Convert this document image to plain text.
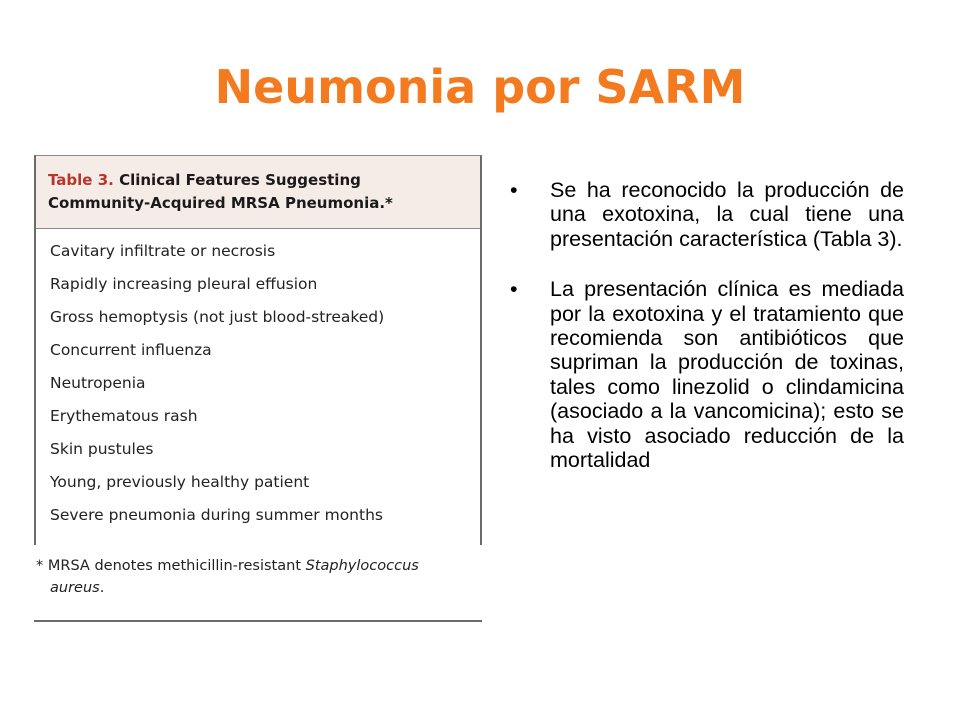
Neumonia por SARM
Table 3. Clinical Features Suggesting Community-Acquired MRSA Pneumonia.*
Cavitary infiltrate or necrosis
Rapidly increasing pleural effusion
Gross hemoptysis (not just blood-streaked)
Concurrent influenza
Neutropenia
Erythematous rash
Skin pustules
Young, previously healthy patient
Severe pneumonia during summer months
* MRSA denotes methicillin-resistant Staphylococcus
aureus.
•	Se ha reconocido la producción de una exotoxina, la cual tiene una presentación característica (Tabla 3).
•	La presentación clínica es mediada por la exotoxina y el tratamiento que recomienda son antibióticos que supriman la producción de toxinas, tales como linezolid o clindamicina (asociado a la vancomicina); esto se ha visto asociado reducción de la mortalidad
